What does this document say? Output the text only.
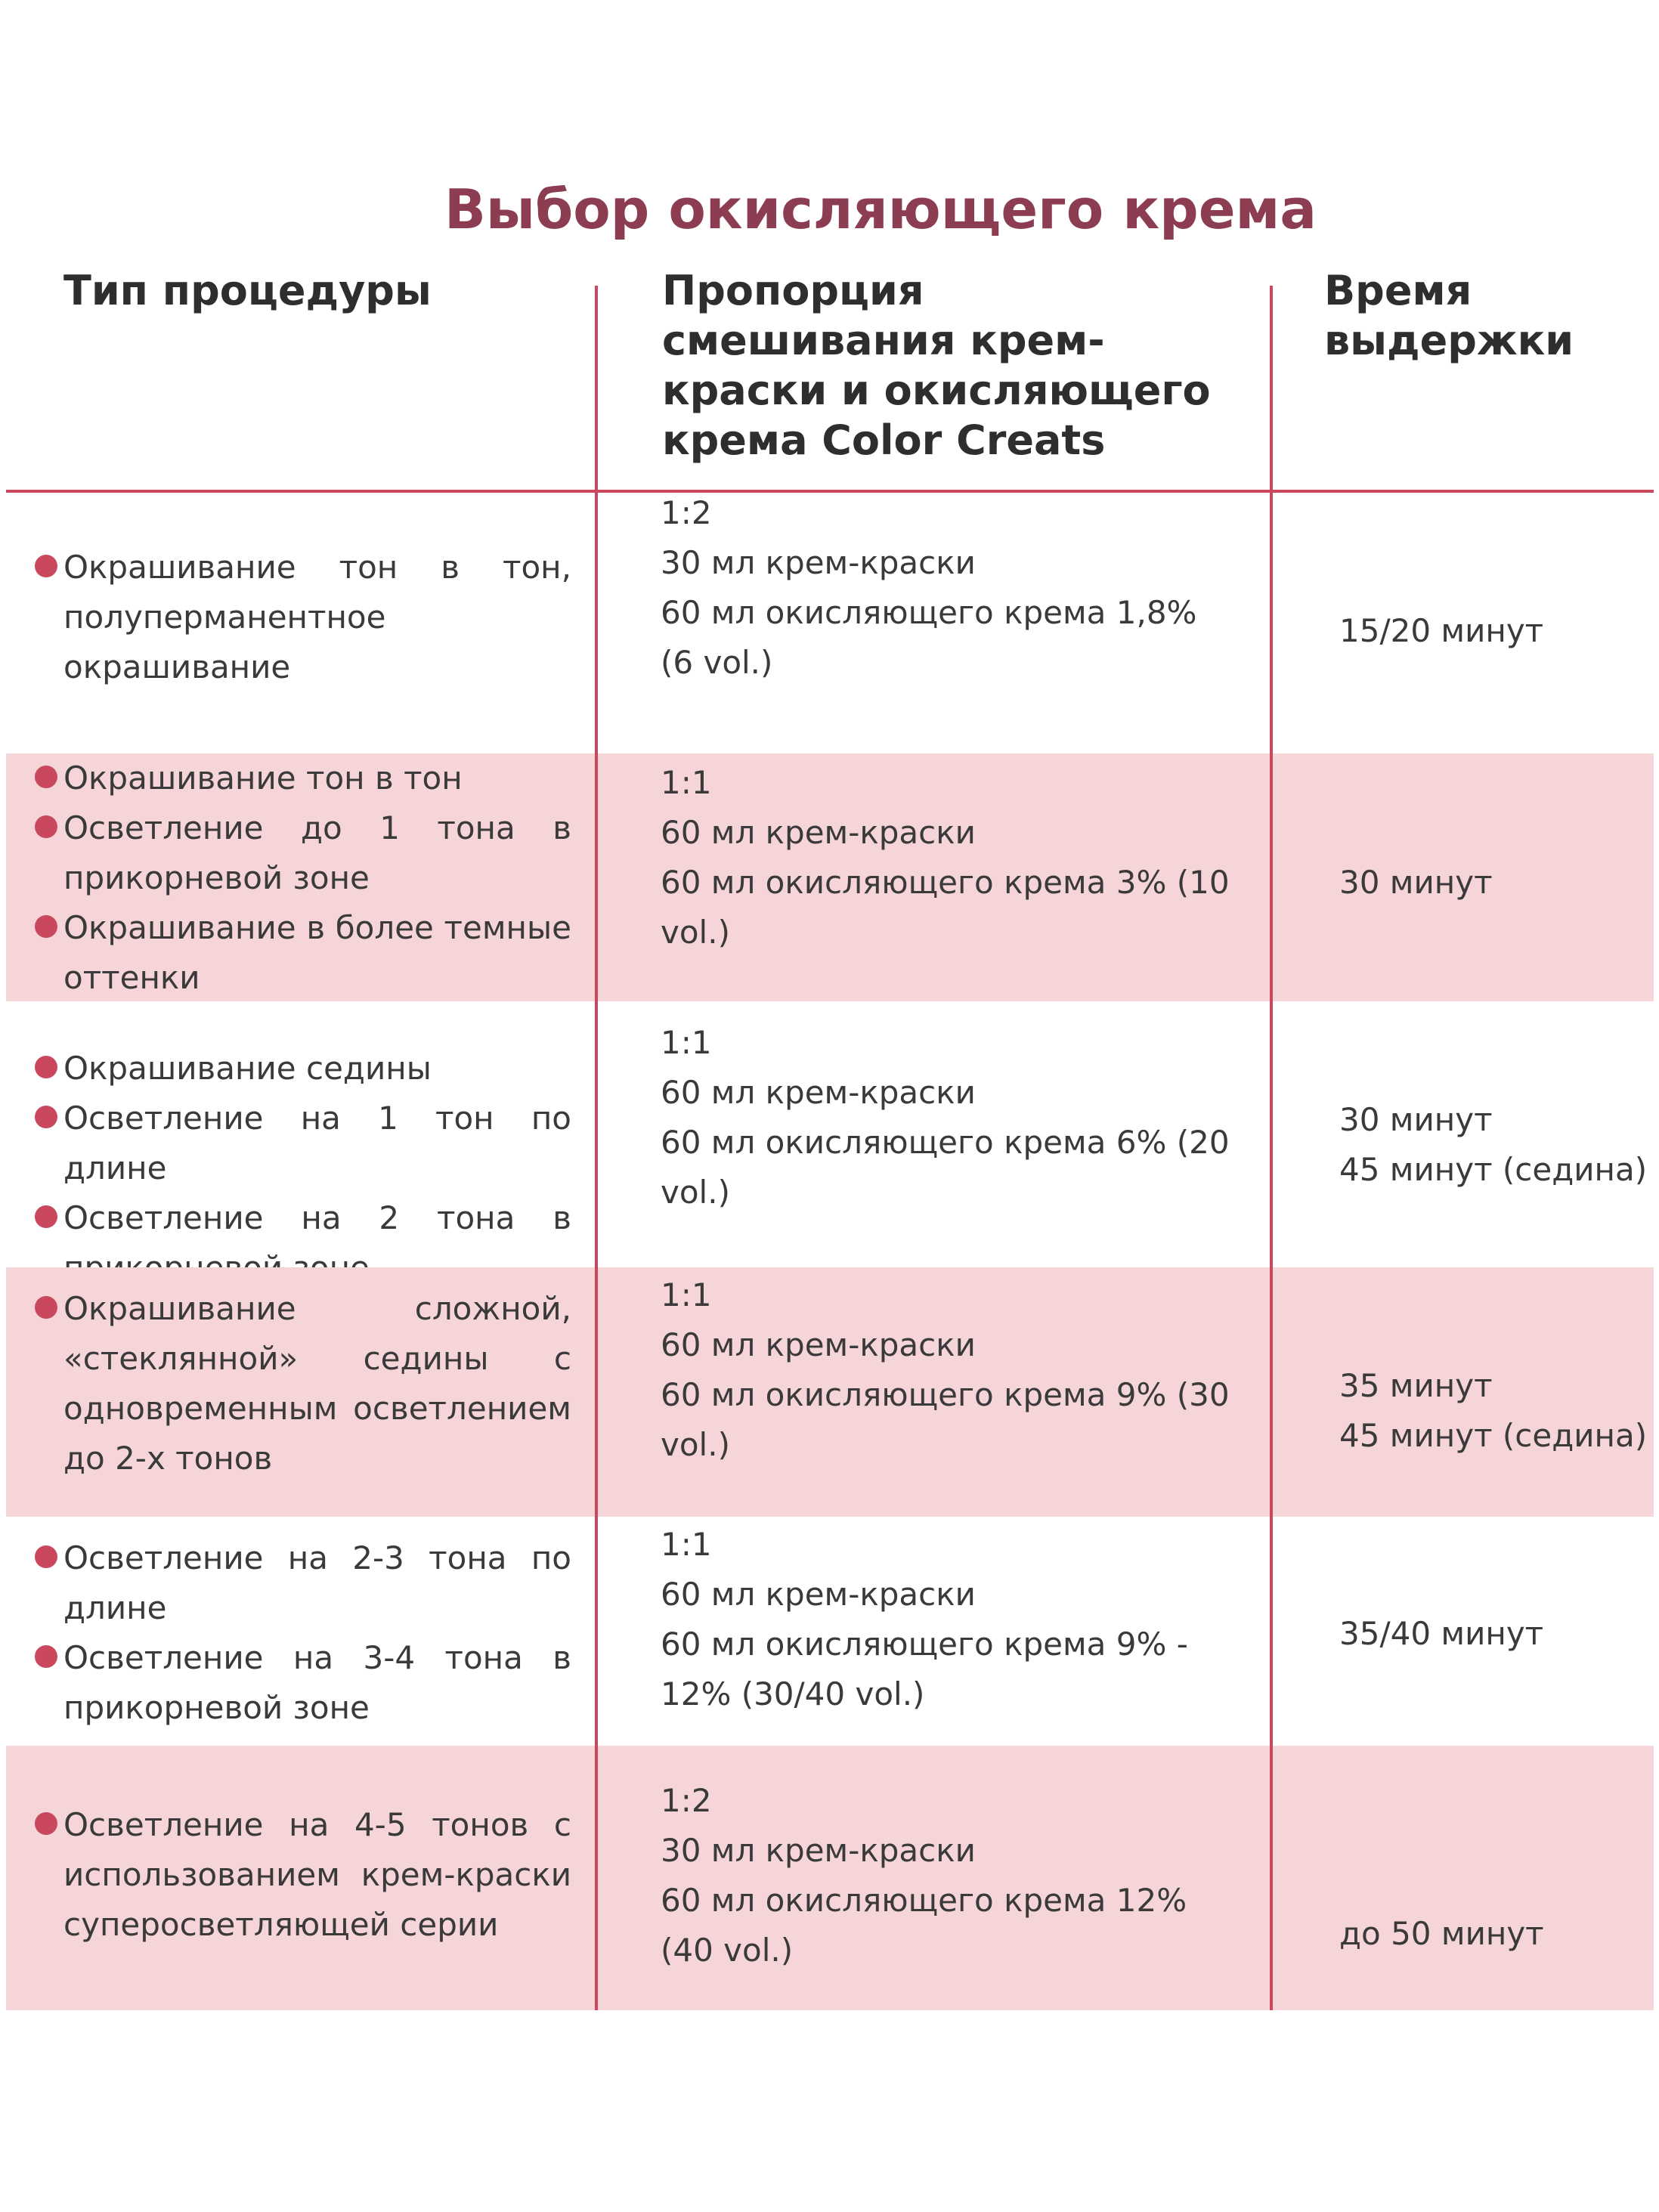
Выбор окисляющего крема
Тип процедуры	Пропорция
смешивания крем-
краски и окисляющего
крема Color Creats
Время
выдержки
Окрашивание тон в тон, полуперманентное окрашивание
1:2
30 мл крем-краски
60 мл окисляющего крема 1,8%
(6 vol.)
15/20 минут
Окрашивание тон в тон
Осветление до 1 тона в прикорневой зоне
Окрашивание в более темные оттенки
1:1
60 мл крем-краски
60 мл окисляющего крема 3% (10
vol.)
30 минут
Окрашивание седины
Осветление на 1 тон по длине
Осветление на 2 тона в
1:1
60 мл крем-краски
60 мл окисляющего крема 6% (20
vol.)
30 минут
45 минут (седина)
Окрашивание сложной, «стеклянной» седины с одновременным осветлением до 2-х тонов
1:1
60 мл крем-краски
60 мл окисляющего крема 9% (30
vol.)
35 минут
45 минут (седина)
Осветление на 2-3 тона по длине
Осветление на 3-4 тона в прикорневой зоне
1:1
60 мл крем-краски
60 мл окисляющего крема 9% -
12% (30/40 vol.)
35/40 минут
Осветление на 4-5 тонов с использованием крем-краски суперосветляющей серии
1:2
30 мл крем-краски
60 мл окисляющего крема 12%
(40 vol.)	до 50 минут
